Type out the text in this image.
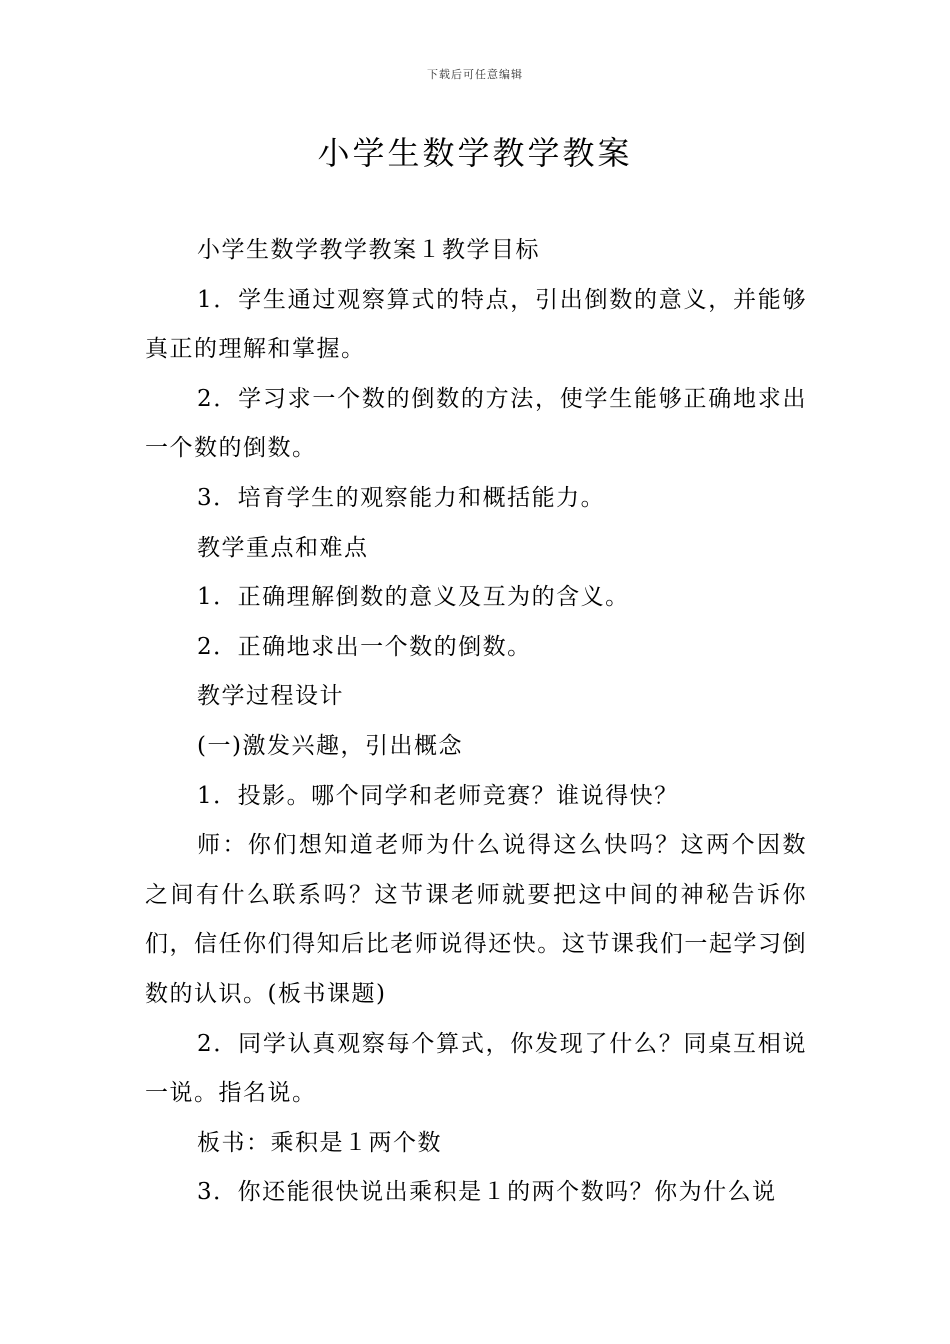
下载后可任意编辑
小学生数学教学教案

小学生数学教学教案１教学目标

1．学生通过观察算式的特点，引出倒数的意义，并能够真正的理解和掌握。

2．学习求一个数的倒数的方法，使学生能够正确地求出一个数的倒数。

3．培育学生的观察能力和概括能力。

教学重点和难点

1．正确理解倒数的意义及互为的含义。

2．正确地求出一个数的倒数。

教学过程设计

(一)激发兴趣，引出概念

1．投影。哪个同学和老师竞赛？谁说得快？

师：你们想知道老师为什么说得这么快吗？这两个因数之间有什么联系吗？这节课老师就要把这中间的神秘告诉你们，信任你们得知后比老师说得还快。这节课我们一起学习倒数的认识。(板书课题)

2．同学认真观察每个算式，你发现了什么？同桌互相说一说。指名说。

板书：乘积是１两个数

3．你还能很快说出乘积是１的两个数吗？你为什么说
